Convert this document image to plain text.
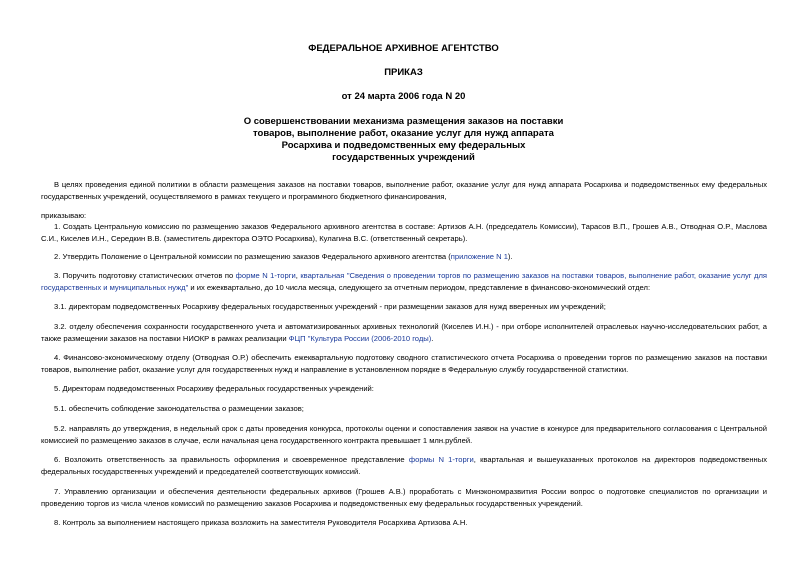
ФЕДЕРАЛЬНОЕ АРХИВНОЕ АГЕНТСТВО
ПРИКАЗ
от 24 марта 2006 года N 20
О совершенствовании механизма размещения заказов на поставки
товаров, выполнение работ, оказание услуг для нужд аппарата
Росархива и подведомственных ему федеральных
государственных учреждений
В целях проведения единой политики в области размещения заказов на поставки товаров, выполнение работ, оказание услуг для нужд аппарата Росархива и подведомственных ему федеральных государственных учреждений, осуществляемого в рамках текущего и программного бюджетного финансирования,
приказываю:
1. Создать Центральную комиссию по размещению заказов Федерального архивного агентства в составе: Артизов А.Н. (председатель Комиссии), Тарасов В.П., Грошев А.В., Отводная О.Р., Маслова С.И., Киселев И.Н., Середкин В.В. (заместитель директора ОЭТО Росархива), Кулагина В.С. (ответственный секретарь).
2. Утвердить Положение о Центральной комиссии по размещению заказов Федерального архивного агентства (приложение N 1).
3. Поручить подготовку статистических отчетов по форме N 1-торги, квартальная "Сведения о проведении торгов по размещению заказов на поставки товаров, выполнение работ, оказание услуг для государственных и муниципальных нужд" и их ежеквартально, до 10 числа месяца, следующего за отчетным периодом, представление в финансово-экономический отдел:
3.1. директорам подведомственных Росархиву федеральных государственных учреждений - при размещении заказов для нужд вверенных им учреждений;
3.2. отделу обеспечения сохранности государственного учета и автоматизированных архивных технологий (Киселев И.Н.) - при отборе исполнителей отраслевых научно-исследовательских работ, а также размещении заказов на поставки НИОКР в рамках реализации ФЦП "Культура России (2006-2010 годы).
4. Финансово-экономическому отделу (Отводная О.Р.) обеспечить ежеквартальную подготовку сводного статистического отчета Росархива о проведении торгов по размещению заказов на поставки товаров, выполнение работ, оказание услуг для государственных нужд и направление в установленном порядке в Федеральную службу государственной статистики.
5. Директорам подведомственных Росархиву федеральных государственных учреждений:
5.1. обеспечить соблюдение законодательства о размещении заказов;
5.2. направлять до утверждения, в недельный срок с даты проведения конкурса, протоколы оценки и сопоставления заявок на участие в конкурсе для предварительного согласования с Центральной комиссией по размещению заказов в случае, если начальная цена государственного контракта превышает 1 млн.рублей.
6. Возложить ответственность за правильность оформления и своевременное представление формы N 1-торги, квартальная и вышеуказанных протоколов на директоров подведомственных федеральных государственных учреждений и председателей соответствующих комиссий.
7. Управлению организации и обеспечения деятельности федеральных архивов (Грошев А.В.) проработать с Минэкономразвития России вопрос о подготовке специалистов по организации и проведению торгов из числа членов комиссий по размещению заказов Росархива и подведомственных ему федеральных государственных учреждений.
8. Контроль за выполнением настоящего приказа возложить на заместителя Руководителя Росархива Артизова А.Н.
